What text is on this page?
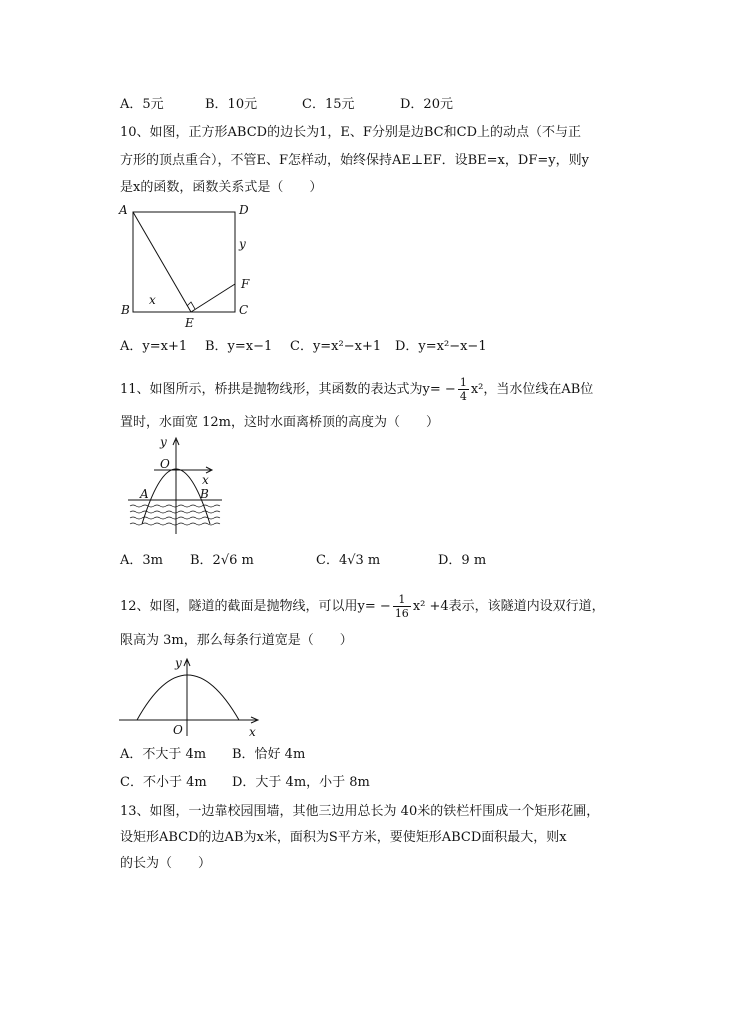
A．5元	B．10元	C．15元	D．20元
10、如图，正方形ABCD的边长为1，E、F分别是边BC和CD上的动点（不与正
方形的顶点重合），不管E、F怎样动，始终保持AE⊥EF．设BE=x，DF=y，则y
是x的函数，函数关系式是（　　）
A	D
y
F
B
x
E
C
A．y=x+1 B．y=x−1 C．y=x²−x+1 D．y=x²−x−1
11、如图所示，桥拱是抛物线形，其函数的表达式为$y= - \frac{1}{4} x^2$，当水位线在AB位
置时，水面宽 12m，这时水面离桥顶的高度为（　　）
y
O
x
A	B
A．3m B．2√6 m	C．4√3 m	D．9 m
12、如图，隧道的截面是抛物线，可以用$y= - \frac{1}{16} x^2 +4$表示，该隧道内设双行道，
限高为 3m，那么每条行道宽是（　　）
y
O	x
A．不大于 4m B．恰好 4m
C．不小于 4m D．大于 4m，小于 8m
13、如图，一边靠校园围墙，其他三边用总长为 40米的铁栏杆围成一个矩形花圃，
设矩形ABCD的边AB为x米，面积为S平方米，要使矩形ABCD面积最大，则x
的长为（　　）
